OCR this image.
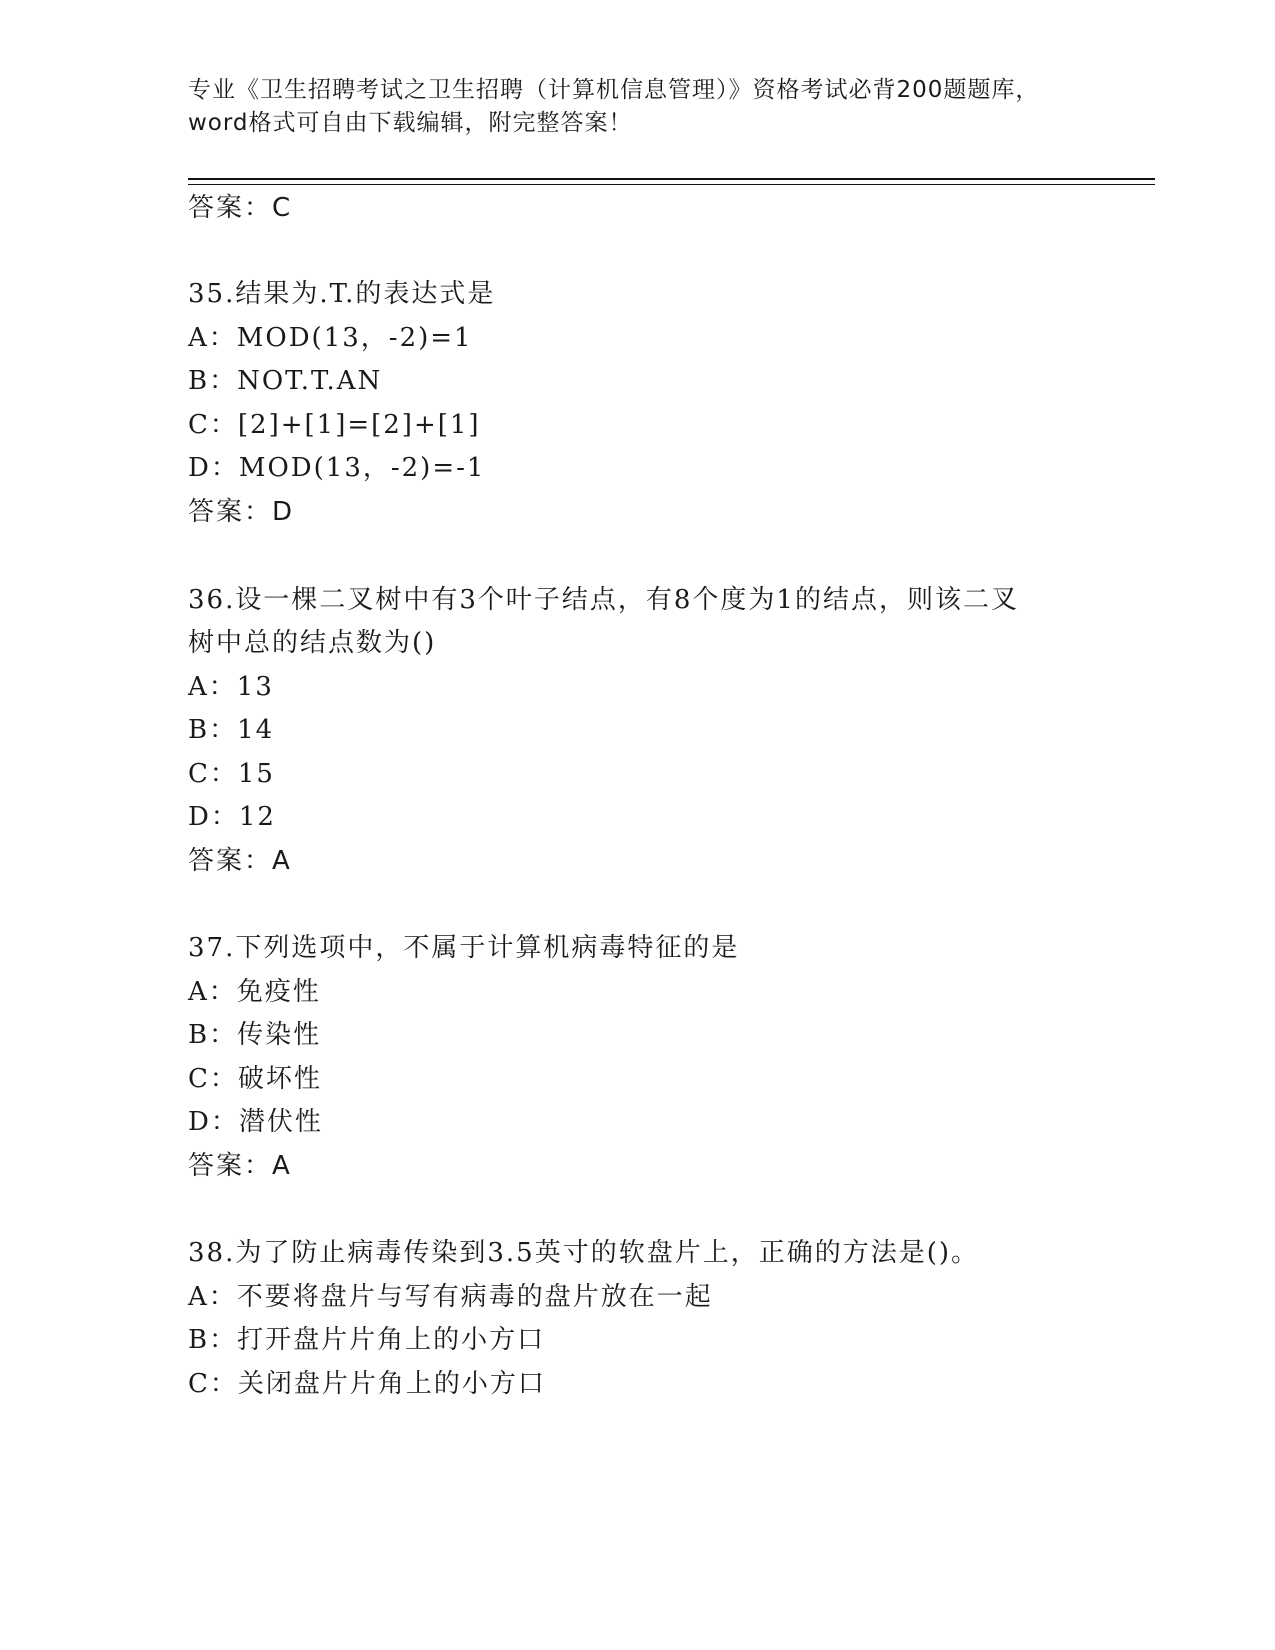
专业《卫生招聘考试之卫生招聘（计算机信息管理）》资格考试必背200题题库，
word格式可自由下载编辑，附完整答案！
答案：C
35.结果为.T.的表达式是
A：MOD(13，-2)=1
B：NOT.T.AN
C：[2]+[1]=[2]+[1]
D：MOD(13，-2)=-1
答案：D
36.设一棵二叉树中有3个叶子结点，有8个度为1的结点，则该二叉
树中总的结点数为()
A：13
B：14
C：15
D：12
答案：A
37.下列选项中，不属于计算机病毒特征的是
A：免疫性
B：传染性
C：破坏性
D：潜伏性
答案：A
38.为了防止病毒传染到3.5英寸的软盘片上，正确的方法是()。
A：不要将盘片与写有病毒的盘片放在一起
B：打开盘片片角上的小方口
C：关闭盘片片角上的小方口
